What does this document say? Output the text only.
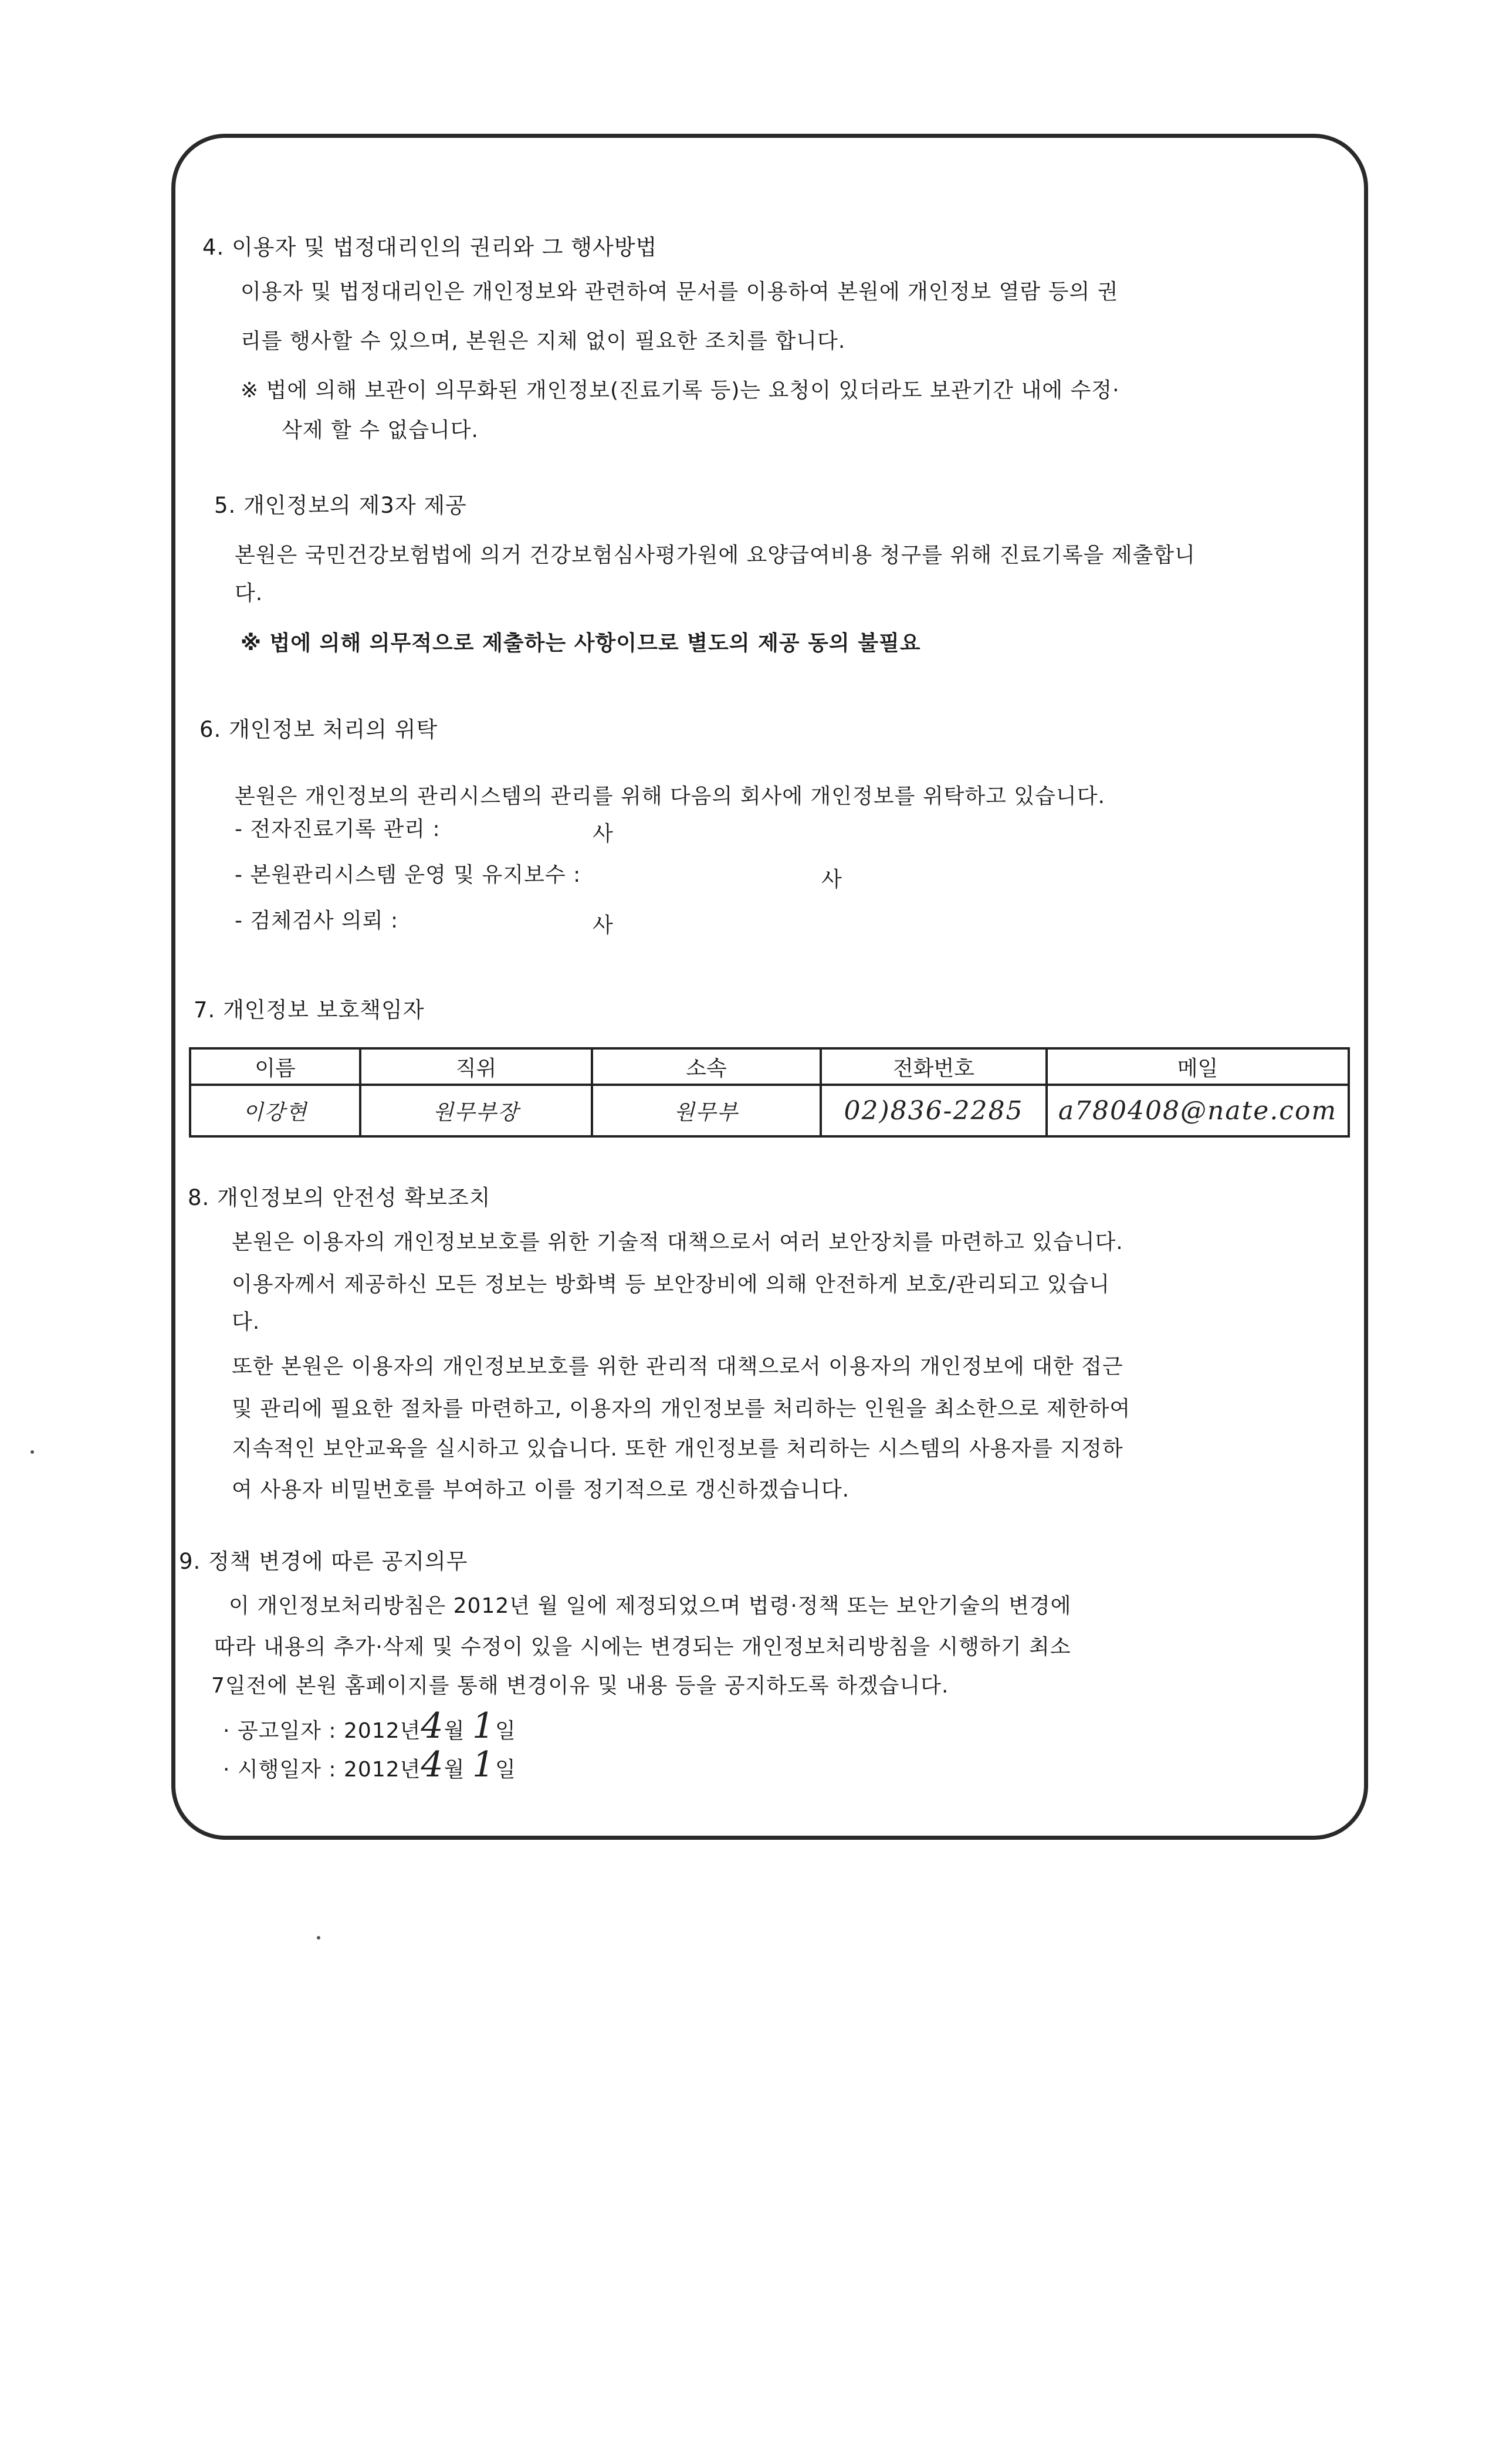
4. 이용자 및 법정대리인의 권리와 그 행사방법
이용자 및 법정대리인은 개인정보와 관련하여 문서를 이용하여 본원에 개인정보 열람 등의 권
리를 행사할 수 있으며, 본원은 지체 없이 필요한 조치를 합니다.
※ 법에 의해 보관이 의무화된 개인정보(진료기록 등)는 요청이 있더라도 보관기간 내에 수정·
삭제 할 수 없습니다.
5. 개인정보의 제3자 제공
본원은 국민건강보험법에 의거 건강보험심사평가원에 요양급여비용 청구를 위해 진료기록을 제출합니
다.
※ 법에 의해 의무적으로 제출하는 사항이므로 별도의 제공 동의 불필요
6. 개인정보 처리의 위탁
본원은 개인정보의 관리시스템의 관리를 위해 다음의 회사에 개인정보를 위탁하고 있습니다.
- 전자진료기록 관리 :	사
- 본원관리시스템 운영 및 유지보수 :	사
- 검체검사 의뢰 :	사
7. 개인정보 보호책임자
이름	직위	소속	전화번호	메일
이강현	원무부장	원무부	02)836-2285	a780408@nate.com
8. 개인정보의 안전성 확보조치
본원은 이용자의 개인정보보호를 위한 기술적 대책으로서 여러 보안장치를 마련하고 있습니다.
이용자께서 제공하신 모든 정보는 방화벽 등 보안장비에 의해 안전하게 보호/관리되고 있습니
다.
또한 본원은 이용자의 개인정보보호를 위한 관리적 대책으로서 이용자의 개인정보에 대한 접근
및 관리에 필요한 절차를 마련하고, 이용자의 개인정보를 처리하는 인원을 최소한으로 제한하여
지속적인 보안교육을 실시하고 있습니다. 또한 개인정보를 처리하는 시스템의 사용자를 지정하
여 사용자 비밀번호를 부여하고 이를 정기적으로 갱신하겠습니다.
9. 정책 변경에 따른 공지의무
이 개인정보처리방침은 2012년 월 일에 제정되었으며 법령·정책 또는 보안기술의 변경에
따라 내용의 추가·삭제 및 수정이 있을 시에는 변경되는 개인정보처리방침을 시행하기 최소
7일전에 본원 홈페이지를 통해 변경이유 및 내용 등을 공지하도록 하겠습니다.
· 공고일자 : 2012년4월 1일
· 시행일자 : 2012년4월 1일
